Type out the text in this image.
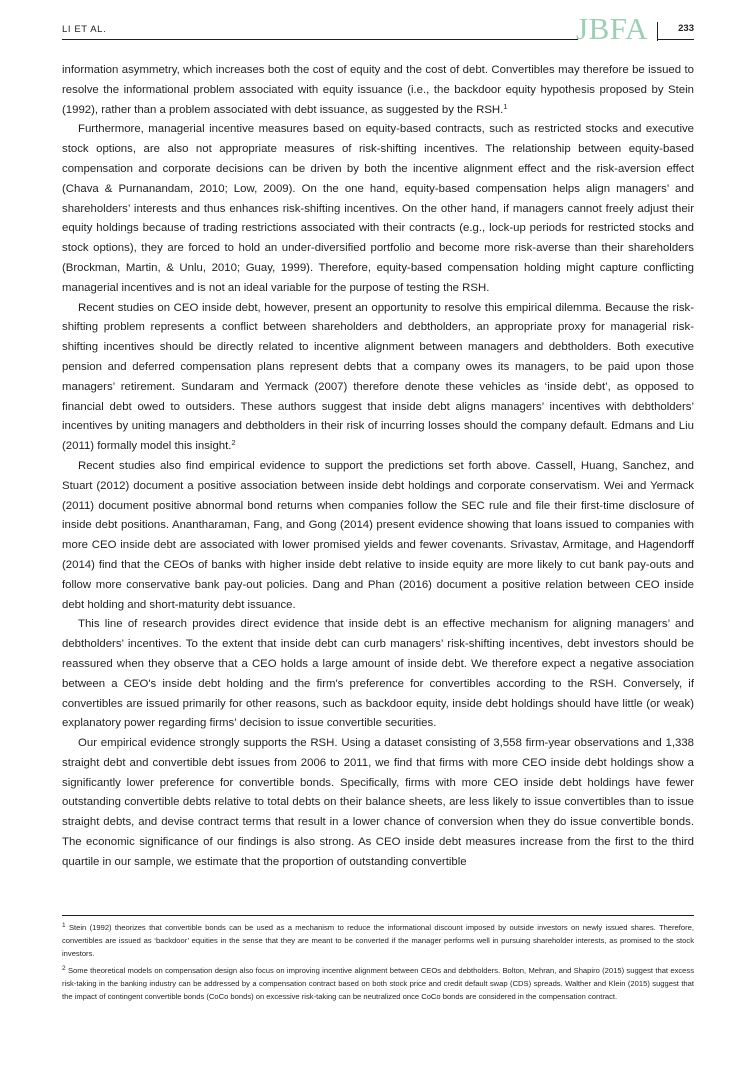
LI ET AL.	JBFA	233

information asymmetry, which increases both the cost of equity and the cost of debt. Convertibles may therefore be issued to resolve the informational problem associated with equity issuance (i.e., the backdoor equity hypothesis proposed by Stein (1992), rather than a problem associated with debt issuance, as suggested by the RSH.$^1$

Furthermore, managerial incentive measures based on equity-based contracts, such as restricted stocks and executive stock options, are also not appropriate measures of risk-shifting incentives. The relationship between equity-based compensation and corporate decisions can be driven by both the incentive alignment effect and the risk-aversion effect (Chava & Purnanandam, 2010; Low, 2009). On the one hand, equity-based compensation helps align managers’ and shareholders’ interests and thus enhances risk-shifting incentives. On the other hand, if managers cannot freely adjust their equity holdings because of trading restrictions associated with their contracts (e.g., lock-up periods for restricted stocks and stock options), they are forced to hold an under-diversified portfolio and become more risk-averse than their shareholders (Brockman, Martin, & Unlu, 2010; Guay, 1999). Therefore, equity-based compensation holding might capture conflicting managerial incentives and is not an ideal variable for the purpose of testing the RSH.

Recent studies on CEO inside debt, however, present an opportunity to resolve this empirical dilemma. Because the risk-shifting problem represents a conflict between shareholders and debtholders, an appropriate proxy for managerial risk-shifting incentives should be directly related to incentive alignment between managers and debtholders. Both executive pension and deferred compensation plans represent debts that a company owes its managers, to be paid upon those managers’ retirement. Sundaram and Yermack (2007) therefore denote these vehicles as ‘inside debt’, as opposed to financial debt owed to outsiders. These authors suggest that inside debt aligns managers’ incentives with debtholders’ incentives by uniting managers and debtholders in their risk of incurring losses should the company default. Edmans and Liu (2011) formally model this insight.$^2$

Recent studies also find empirical evidence to support the predictions set forth above. Cassell, Huang, Sanchez, and Stuart (2012) document a positive association between inside debt holdings and corporate conservatism. Wei and Yermack (2011) document positive abnormal bond returns when companies follow the SEC rule and file their first-time disclosure of inside debt positions. Anantharaman, Fang, and Gong (2014) present evidence showing that loans issued to companies with more CEO inside debt are associated with lower promised yields and fewer covenants. Srivastav, Armitage, and Hagendorff (2014) find that the CEOs of banks with higher inside debt relative to inside equity are more likely to cut bank pay-outs and follow more conservative bank pay-out policies. Dang and Phan (2016) document a positive relation between CEO inside debt holding and short-maturity debt issuance.

This line of research provides direct evidence that inside debt is an effective mechanism for aligning managers’ and debtholders’ incentives. To the extent that inside debt can curb managers’ risk-shifting incentives, debt investors should be reassured when they observe that a CEO holds a large amount of inside debt. We therefore expect a negative association between a CEO's inside debt holding and the firm's preference for convertibles according to the RSH. Conversely, if convertibles are issued primarily for other reasons, such as backdoor equity, inside debt holdings should have little (or weak) explanatory power regarding firms’ decision to issue convertible securities.

Our empirical evidence strongly supports the RSH. Using a dataset consisting of 3,558 firm-year observations and 1,338 straight debt and convertible debt issues from 2006 to 2011, we find that firms with more CEO inside debt holdings show a significantly lower preference for convertible bonds. Specifically, firms with more CEO inside debt holdings have fewer outstanding convertible debts relative to total debts on their balance sheets, are less likely to issue convertibles than to issue straight debts, and devise contract terms that result in a lower chance of conversion when they do issue convertible bonds. The economic significance of our findings is also strong. As CEO inside debt measures increase from the first to the third quartile in our sample, we estimate that the proportion of outstanding convertible

$^1$ Stein (1992) theorizes that convertible bonds can be used as a mechanism to reduce the informational discount imposed by outside investors on newly issued shares. Therefore, convertibles are issued as ‘backdoor’ equities in the sense that they are meant to be converted if the manager performs well in pursuing shareholder interests, as promised to the stock investors.

$^2$ Some theoretical models on compensation design also focus on improving incentive alignment between CEOs and debtholders. Bolton, Mehran, and Shapiro (2015) suggest that excess risk-taking in the banking industry can be addressed by a compensation contract based on both stock price and credit default swap (CDS) spreads. Walther and Klein (2015) suggest that the impact of contingent convertible bonds (CoCo bonds) on excessive risk-taking can be neutralized once CoCo bonds are considered in the compensation contract.
